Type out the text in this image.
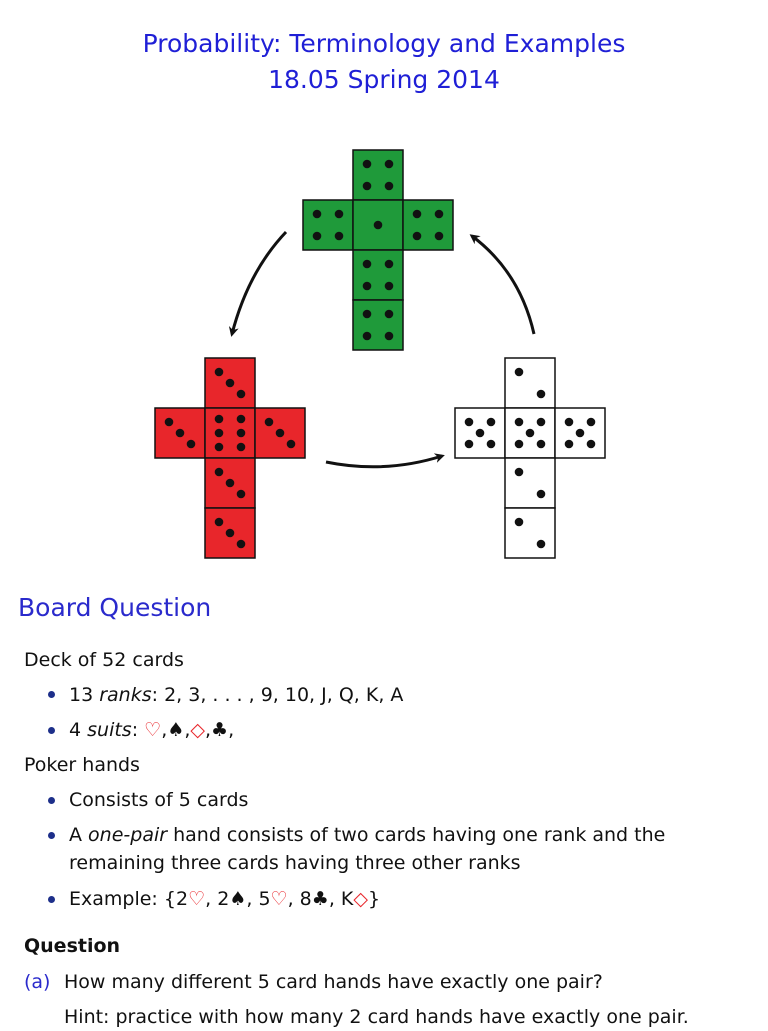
Probability: Terminology and Examples
18.05 Spring 2014
Board Question
Deck of 52 cards
13 ranks: 2, 3, . . . , 9, 10, J, Q, K, A
4 suits: ♡,♠,◇,♣,
Poker hands
Consists of 5 cards
A one-pair hand consists of two cards having one rank and the
remaining three cards having three other ranks
Example: {2♡, 2♠, 5♡, 8♣, K◇}
Question
(a) How many different 5 card hands have exactly one pair?
Hint: practice with how many 2 card hands have exactly one pair.
